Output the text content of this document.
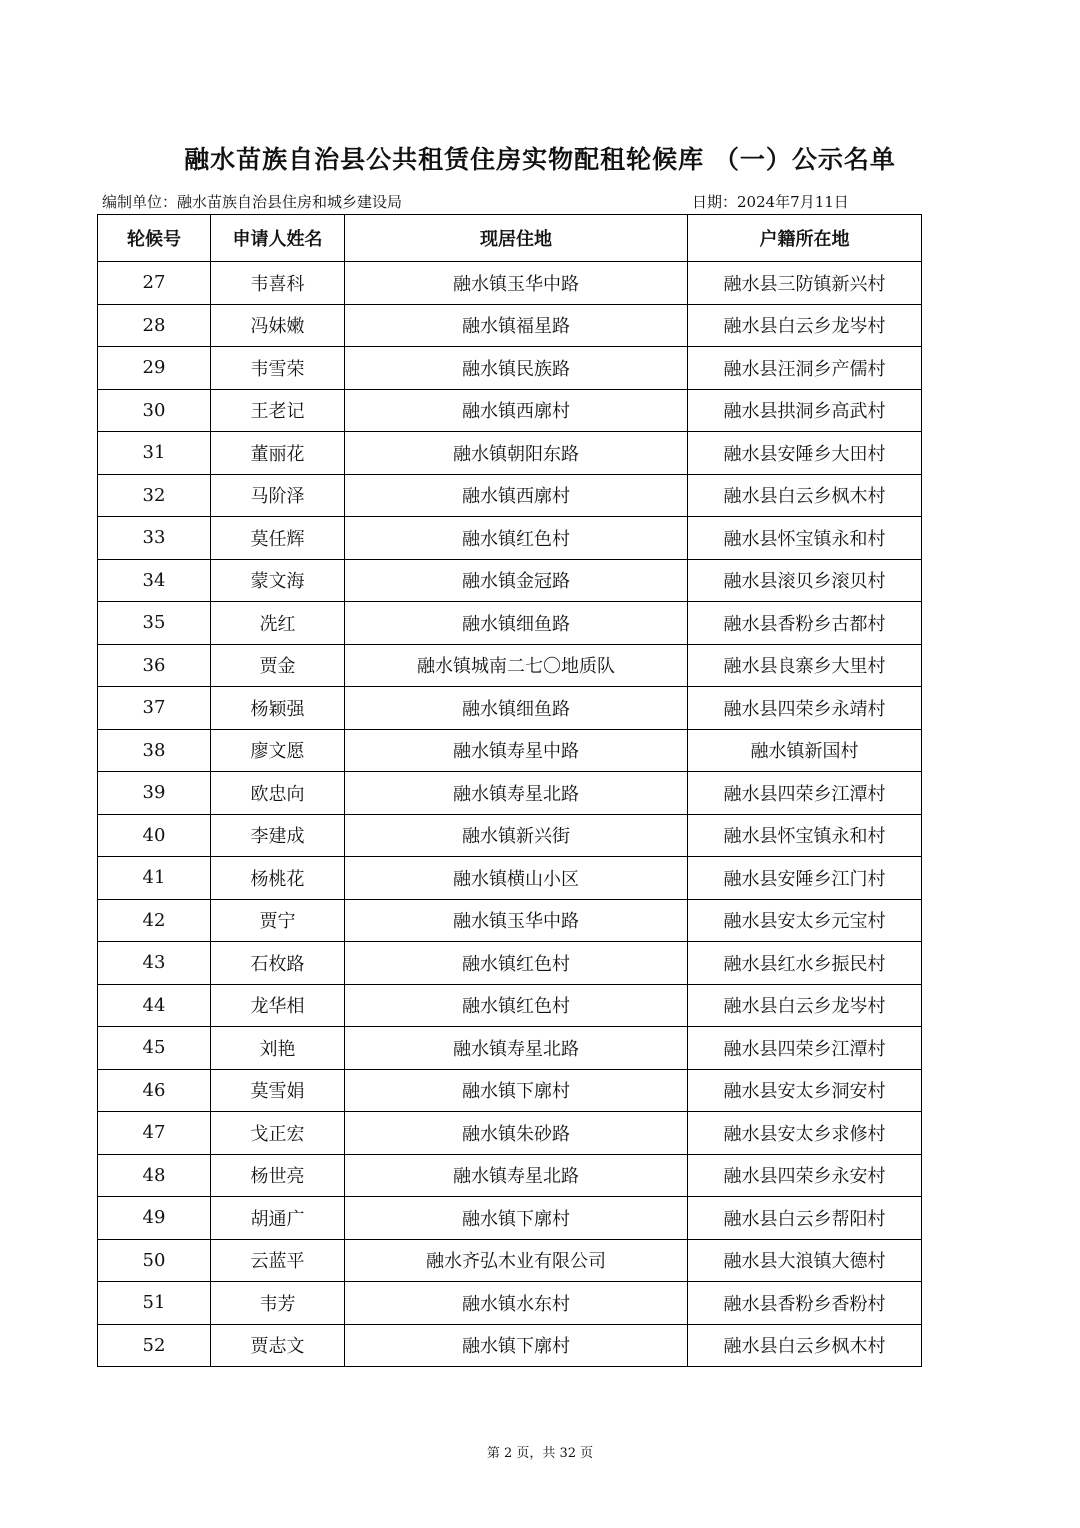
融水苗族自治县公共租赁住房实物配租轮候库 （一）公示名单
编制单位：融水苗族自治县住房和城乡建设局	日期：2024年7月11日
轮候号	申请人姓名	现居住地	户籍所在地
27	韦喜科	融水镇玉华中路	融水县三防镇新兴村
28	冯妹嫩	融水镇福星路	融水县白云乡龙岑村
29	韦雪荣	融水镇民族路	融水县汪洞乡产儒村
30	王老记	融水镇西廓村	融水县拱洞乡高武村
31	董丽花	融水镇朝阳东路	融水县安陲乡大田村
32	马阶泽	融水镇西廓村	融水县白云乡枫木村
33	莫任辉	融水镇红色村	融水县怀宝镇永和村
34	蒙文海	融水镇金冠路	融水县滚贝乡滚贝村
35	冼红	融水镇细鱼路	融水县香粉乡古都村
36	贾金	融水镇城南二七〇地质队	融水县良寨乡大里村
37	杨颖强	融水镇细鱼路	融水县四荣乡永靖村
38	廖文愿	融水镇寿星中路	融水镇新国村
39	欧忠向	融水镇寿星北路	融水县四荣乡江潭村
40	李建成	融水镇新兴街	融水县怀宝镇永和村
41	杨桃花	融水镇横山小区	融水县安陲乡江门村
42	贾宁	融水镇玉华中路	融水县安太乡元宝村
43	石枚路	融水镇红色村	融水县红水乡振民村
44	龙华相	融水镇红色村	融水县白云乡龙岑村
45	刘艳	融水镇寿星北路	融水县四荣乡江潭村
46	莫雪娟	融水镇下廓村	融水县安太乡洞安村
47	戈正宏	融水镇朱砂路	融水县安太乡求修村
48	杨世亮	融水镇寿星北路	融水县四荣乡永安村
49	胡通广	融水镇下廓村	融水县白云乡帮阳村
50	云蓝平	融水齐弘木业有限公司	融水县大浪镇大德村
51	韦芳	融水镇水东村	融水县香粉乡香粉村
52	贾志文	融水镇下廓村	融水县白云乡枫木村
第 2 页，共 32 页
